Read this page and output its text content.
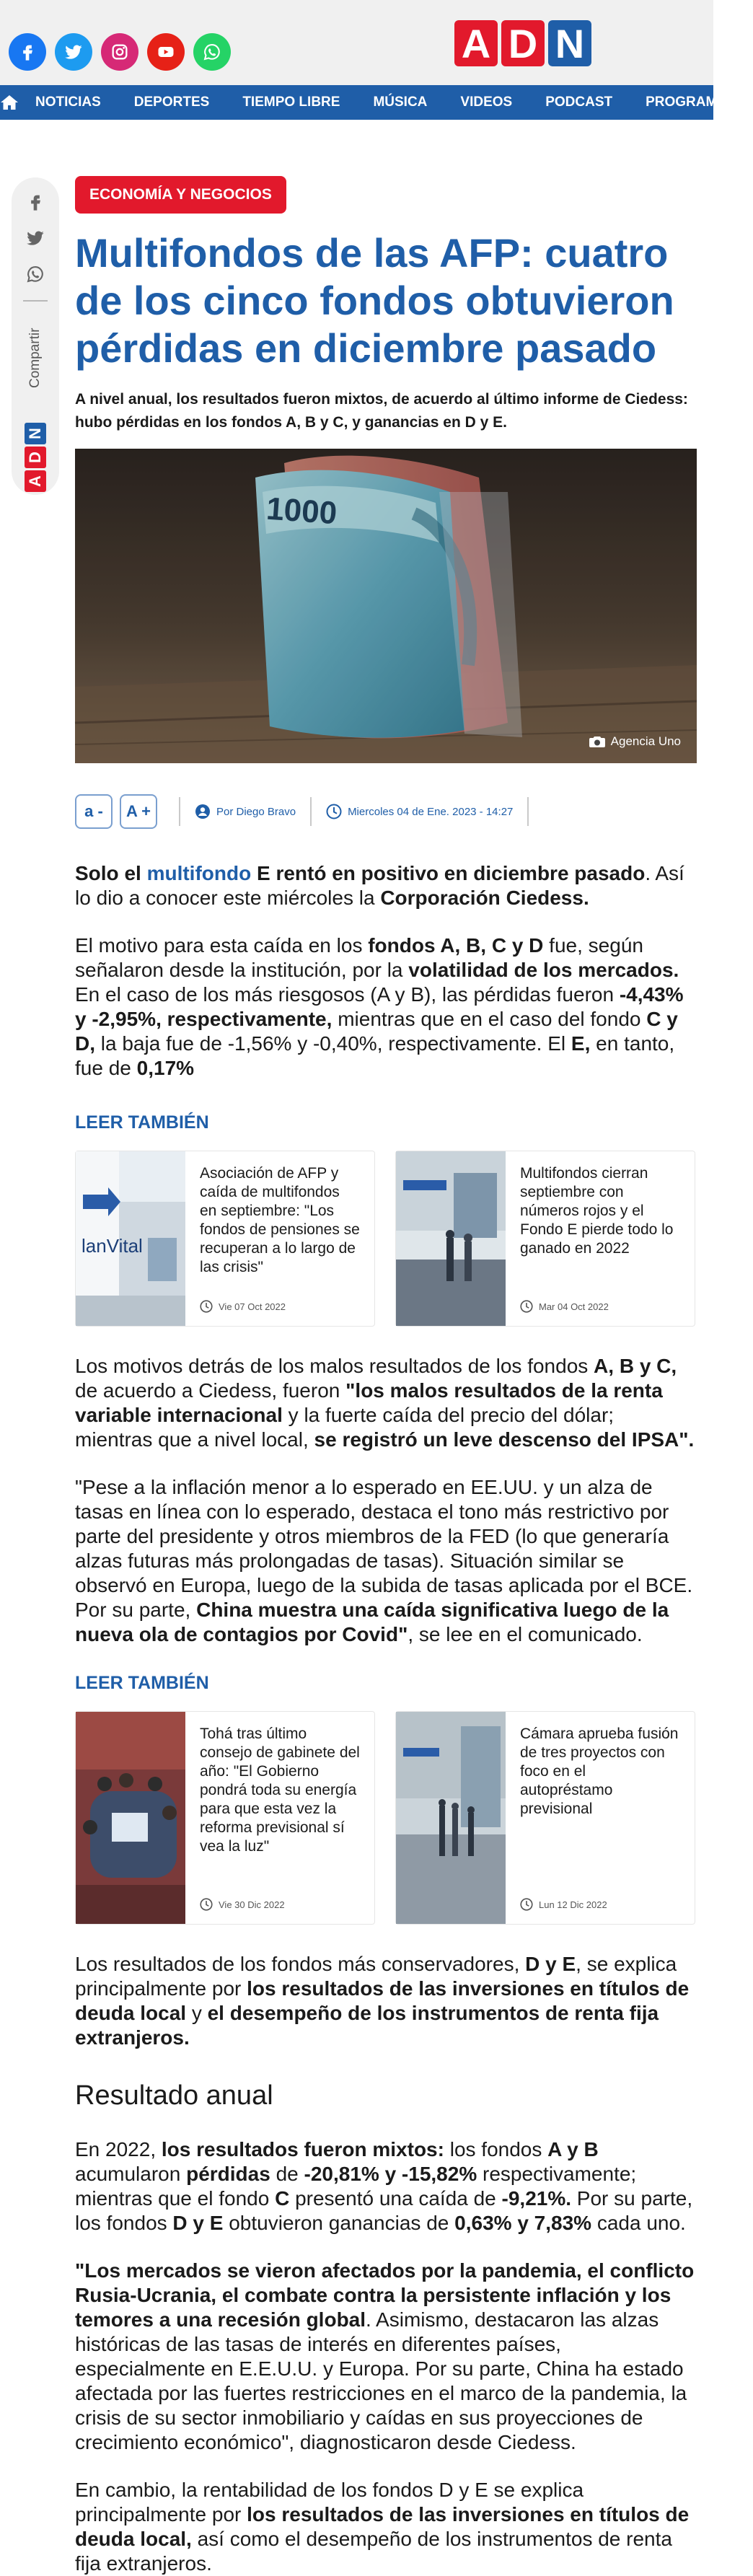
A D N
NOTICIAS	DEPORTES	TIEMPO LIBRE	MÚSICA	VIDEOS	PODCAST	PROGRAMAS
Compartir
N
D
A
ECONOMÍA Y NEGOCIOS
Multifondos de las AFP: cuatro de los cinco fondos obtuvieron pérdidas en diciembre pasado

A nivel anual, los resultados fueron mixtos, de acuerdo al último informe de Ciedess: hubo pérdidas en los fondos A, B y C, y ganancias en D y E.

1000
Agencia Uno
a -	A +	Por Diego Bravo	Miercoles 04 de Ene. 2023 - 14:27

Solo el multifondo E rentó en positivo en diciembre pasado. Así lo dio a conocer este miércoles la Corporación Ciedess.

El motivo para esta caída en los fondos A, B, C y D fue, según señalaron desde la institución, por la volatilidad de los mercados. En el caso de los más riesgosos (A y B), las pérdidas fueron -4,43% y -2,95%, respectivamente, mientras que en el caso del fondo C y D, la baja fue de -1,56% y -0,40%, respectivamente. El E, en tanto, fue de 0,17%

LEER TAMBIÉN
lanVital
Asociación de AFP y caída de multifondos en septiembre: "Los fondos de pensiones se recuperan a lo largo de las crisis"
Vie 07 Oct 2022
Multifondos cierran septiembre con números rojos y el Fondo E pierde todo lo ganado en 2022
Mar 04 Oct 2022

Los motivos detrás de los malos resultados de los fondos A, B y C, de acuerdo a Ciedess, fueron "los malos resultados de la renta variable internacional y la fuerte caída del precio del dólar; mientras que a nivel local, se registró un leve descenso del IPSA".

"Pese a la inflación menor a lo esperado en EE.UU. y un alza de tasas en línea con lo esperado, destaca el tono más restrictivo por parte del presidente y otros miembros de la FED (lo que generaría alzas futuras más prolongadas de tasas). Situación similar se observó en Europa, luego de la subida de tasas aplicada por el BCE. Por su parte, China muestra una caída significativa luego de la nueva ola de contagios por Covid", se lee en el comunicado.

LEER TAMBIÉN
Tohá tras último consejo de gabinete del año: "El Gobierno pondrá toda su energía para que esta vez la reforma previsional sí vea la luz"
Vie 30 Dic 2022
Cámara aprueba fusión de tres proyectos con foco en el autopréstamo previsional
Lun 12 Dic 2022

Los resultados de los fondos más conservadores, D y E, se explica principalmente por los resultados de las inversiones en títulos de deuda local y el desempeño de los instrumentos de renta fija extranjeros.

Resultado anual

En 2022, los resultados fueron mixtos: los fondos A y B acumularon pérdidas de -20,81% y -15,82% respectivamente; mientras que el fondo C presentó una caída de -9,21%. Por su parte, los fondos D y E obtuvieron ganancias de 0,63% y 7,83% cada uno.

"Los mercados se vieron afectados por la pandemia, el conflicto Rusia-Ucrania, el combate contra la persistente inflación y los temores a una recesión global. Asimismo, destacaron las alzas históricas de las tasas de interés en diferentes países, especialmente en E.E.U.U. y Europa. Por su parte, China ha estado afectada por las fuertes restricciones en el marco de la pandemia, la crisis de su sector inmobiliario y caídas en sus proyecciones de crecimiento económico", diagnosticaron desde Ciedess.

En cambio, la rentabilidad de los fondos D y E se explica principalmente por los resultados de las inversiones en títulos de deuda local, así como el desempeño de los instrumentos de renta fija extranjeros.
